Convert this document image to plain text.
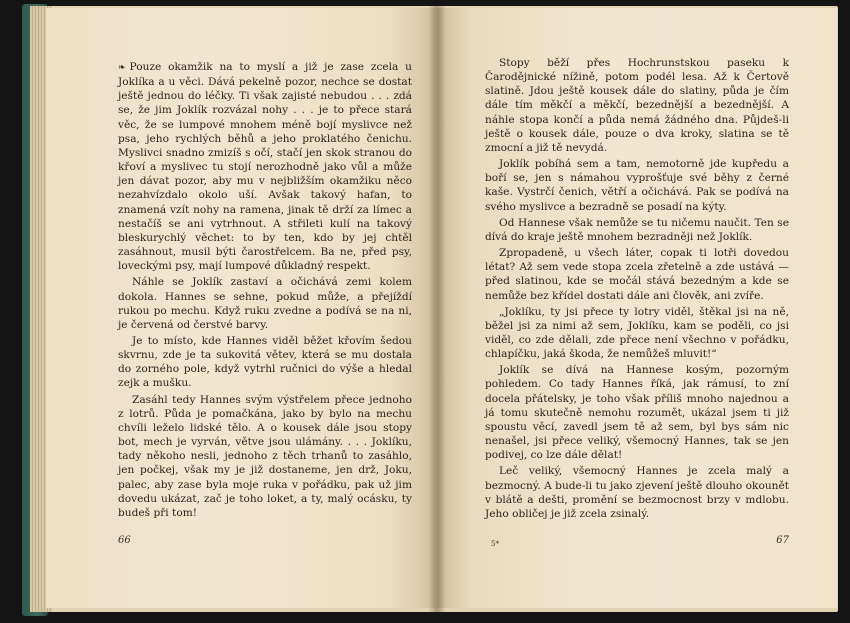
❧ Pouze okamžik na to myslí a již je zase zcela u Joklíka a u věci. Dává pekelně pozor, nechce se dostat ještě jednou do léčky. Ti však zajisté nebudou . . . zdá se, že jim Joklík rozvázal nohy . . . je to přece stará věc, že se lumpové mnohem méně bojí myslivce než psa, jeho rychlých běhů a jeho proklatého čenichu. Myslivci snadno zmizíš s očí, stačí jen skok stranou do křoví a myslivec tu stojí nerozhodně jako vůl a může jen dávat pozor, aby mu v nejbližším okamžiku něco nezahvízdalo okolo uší. Avšak takový hafan, to znamená vzít nohy na ramena, jinak tě drží za límec a nestačíš se ani vytrhnout. A střileti kulí na takový bleskurychlý věchet: to by ten, kdo by jej chtěl zasáhnout, musil býti čarostřelcem. Ba ne, před psy, loveckými psy, mají lumpové důkladný respekt.

Náhle se Joklík zastaví a očichává zemi kolem dokola. Hannes se sehne, pokud může, a přejíždí rukou po mechu. Když ruku zvedne a podívá se na ni, je červená od čerstvé barvy.

Je to místo, kde Hannes viděl běžet křovím šedou skvrnu, zde je ta sukovitá větev, která se mu dostala do zorného pole, když vytrhl ručnici do výše a hledal zejk a mušku.

Zasáhl tedy Hannes svým výstřelem přece jednoho z lotrů. Půda je pomačkána, jako by bylo na mechu chvíli leželo lidské tělo. A o kousek dále jsou stopy bot, mech je vyrván, větve jsou ulámány. . . . Joklíku, tady někoho nesli, jednoho z těch trhanů to zasáhlo, jen počkej, však my je již dostaneme, jen drž, Joku, palec, aby zase byla moje ruka v pořádku, pak už jim dovedu ukázat, zač je toho loket, a ty, malý ocásku, ty budeš při tom!

66

Stopy běží přes Hochrunstskou paseku k Čarodějnické nížině, potom podél lesa. Až k Čertově slatině. Jdou ještě kousek dále do slatiny, půda je čím dále tím měkčí a měkčí, bezednější a bezednější. A náhle stopa končí a půda nemá žádného dna. Půjdeš-li ještě o kousek dále, pouze o dva kroky, slatina se tě zmocní a již tě nevydá.

Joklík pobíhá sem a tam, nemotorně jde kupředu a boří se, jen s námahou vyprošťuje své běhy z černé kaše. Vystrčí čenich, větří a očichává. Pak se podívá na svého myslivce a bezradně se posadí na kýty.

Od Hannese však nemůže se tu ničemu naučit. Ten se dívá do kraje ještě mnohem bezradněji než Joklík.

Zpropadeně, u všech láter, copak ti lotři dovedou létat? Až sem vede stopa zcela zřetelně a zde ustává — před slatinou, kde se močál stává bezedným a kde se nemůže bez křídel dostati dále ani člověk, ani zvíře.

„Joklíku, ty jsi přece ty lotry viděl, štěkal jsi na ně, běžel jsi za nimi až sem, Joklíku, kam se poděli, co jsi viděl, co zde dělali, zde přece není všechno v pořádku, chlapíčku, jaká škoda, že nemůžeš mluvit!“

Joklík se dívá na Hannese kosým, pozorným pohledem. Co tady Hannes říká, jak rámusí, to zní docela přátelsky, je toho však příliš mnoho najednou a já tomu skutečně nemohu rozumět, ukázal jsem ti již spoustu věcí, zavedl jsem tě až sem, byl bys sám nic nenašel, jsi přece veliký, všemocný Hannes, tak se jen podivej, co lze dále dělat!

Leč veliký, všemocný Hannes je zcela malý a bezmocný. A bude-li tu jako zjevení ještě dlouho okounět v blátě a dešti, promění se bezmocnost brzy v mdlobu. Jeho obličej je již zcela zsinalý.

5*	67
